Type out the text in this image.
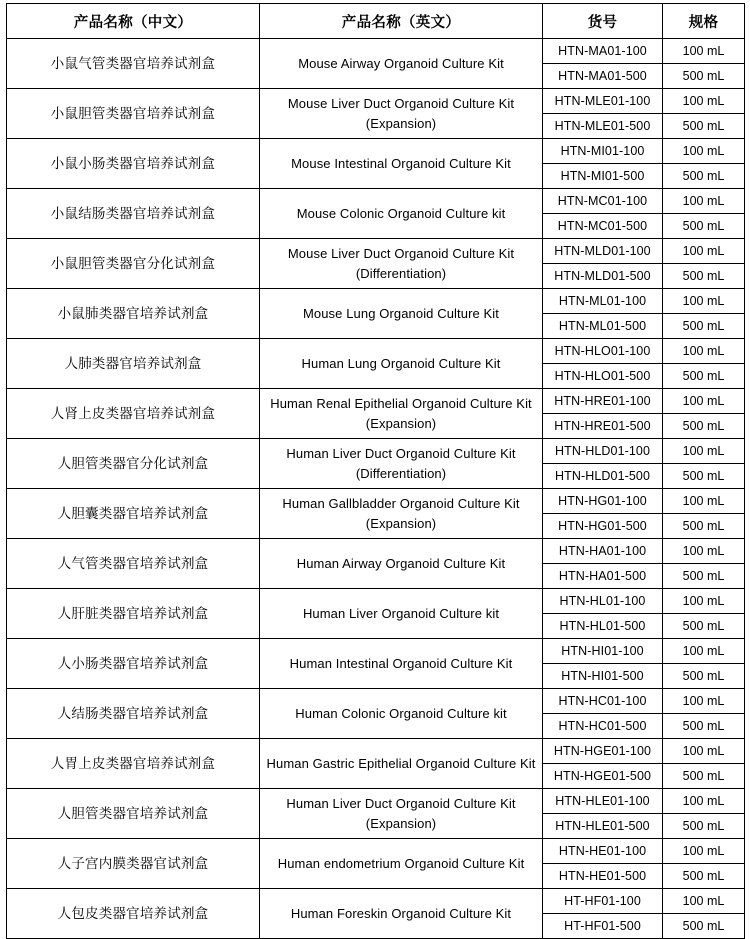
产品名称（中文）	产品名称（英文）	货号	规格
小鼠气管类器官培养试剂盒	Mouse Airway Organoid Culture Kit	HTN-MA01-100	100 mL
		HTN-MA01-500	500 mL
小鼠胆管类器官培养试剂盒	Mouse Liver Duct Organoid Culture Kit (Expansion)	HTN-MLE01-100	100 mL
		HTN-MLE01-500	500 mL
小鼠小肠类器官培养试剂盒	Mouse Intestinal Organoid Culture Kit	HTN-MI01-100	100 mL
		HTN-MI01-500	500 mL
小鼠结肠类器官培养试剂盒	Mouse Colonic Organoid Culture kit	HTN-MC01-100	100 mL
		HTN-MC01-500	500 mL
小鼠胆管类器官分化试剂盒	Mouse Liver Duct Organoid Culture Kit (Differentiation)	HTN-MLD01-100	100 mL
		HTN-MLD01-500	500 mL
小鼠肺类器官培养试剂盒	Mouse Lung Organoid Culture Kit	HTN-ML01-100	100 mL
		HTN-ML01-500	500 mL
人肺类器官培养试剂盒	Human Lung Organoid Culture Kit	HTN-HLO01-100	100 mL
		HTN-HLO01-500	500 mL
人肾上皮类器官培养试剂盒	Human Renal Epithelial Organoid Culture Kit (Expansion)	HTN-HRE01-100	100 mL
		HTN-HRE01-500	500 mL
人胆管类器官分化试剂盒	Human Liver Duct Organoid Culture Kit (Differentiation)	HTN-HLD01-100	100 mL
		HTN-HLD01-500	500 mL
人胆囊类器官培养试剂盒	Human Gallbladder Organoid Culture Kit (Expansion)	HTN-HG01-100	100 mL
		HTN-HG01-500	500 mL
人气管类器官培养试剂盒	Human Airway Organoid Culture Kit	HTN-HA01-100	100 mL
		HTN-HA01-500	500 mL
人肝脏类器官培养试剂盒	Human Liver Organoid Culture kit	HTN-HL01-100	100 mL
		HTN-HL01-500	500 mL
人小肠类器官培养试剂盒	Human Intestinal Organoid Culture Kit	HTN-HI01-100	100 mL
		HTN-HI01-500	500 mL
人结肠类器官培养试剂盒	Human Colonic Organoid Culture kit	HTN-HC01-100	100 mL
		HTN-HC01-500	500 mL
人胃上皮类器官培养试剂盒	Human Gastric Epithelial Organoid Culture Kit	HTN-HGE01-100	100 mL
		HTN-HGE01-500	500 mL
人胆管类器官培养试剂盒	Human Liver Duct Organoid Culture Kit (Expansion)	HTN-HLE01-100	100 mL
		HTN-HLE01-500	500 mL
人子宫内膜类器官试剂盒	Human endometrium Organoid Culture Kit	HTN-HE01-100	100 mL
		HTN-HE01-500	500 mL
人包皮类器官培养试剂盒	Human Foreskin Organoid Culture Kit	HT-HF01-100	100 mL
		HT-HF01-500	500 mL
